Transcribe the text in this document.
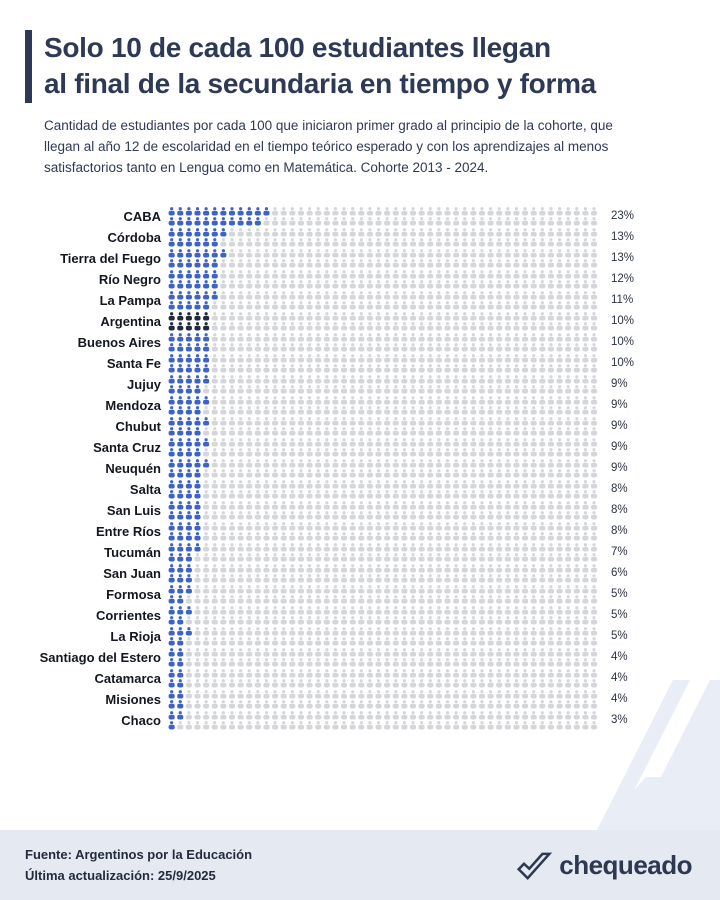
Solo 10 de cada 100 estudiantes llegan
al final de la secundaria en tiempo y forma

Cantidad de estudiantes por cada 100 que iniciaron primer grado al principio de la cohorte, que llegan al año 12 de escolaridad en el tiempo teórico esperado y con los aprendizajes al menos satisfactorios tanto en Lengua como en Matemática. Cohorte 2013 - 2024.

CABA	23%
Córdoba	13%
Tierra del Fuego	13%
Río Negro	12%
La Pampa	11%
Argentina	10%
Buenos Aires	10%
Santa Fe	10%
Jujuy	9%
Mendoza	9%
Chubut	9%
Santa Cruz	9%
Neuquén	9%
Salta	8%
San Luis	8%
Entre Ríos	8%
Tucumán	7%
San Juan	6%
Formosa	5%
Corrientes	5%
La Rioja	5%
Santiago del Estero	4%
Catamarca	4%
Misiones	4%
Chaco	3%

Fuente: Argentinos por la Educación

Última actualización: 25/9/2025	chequeado
